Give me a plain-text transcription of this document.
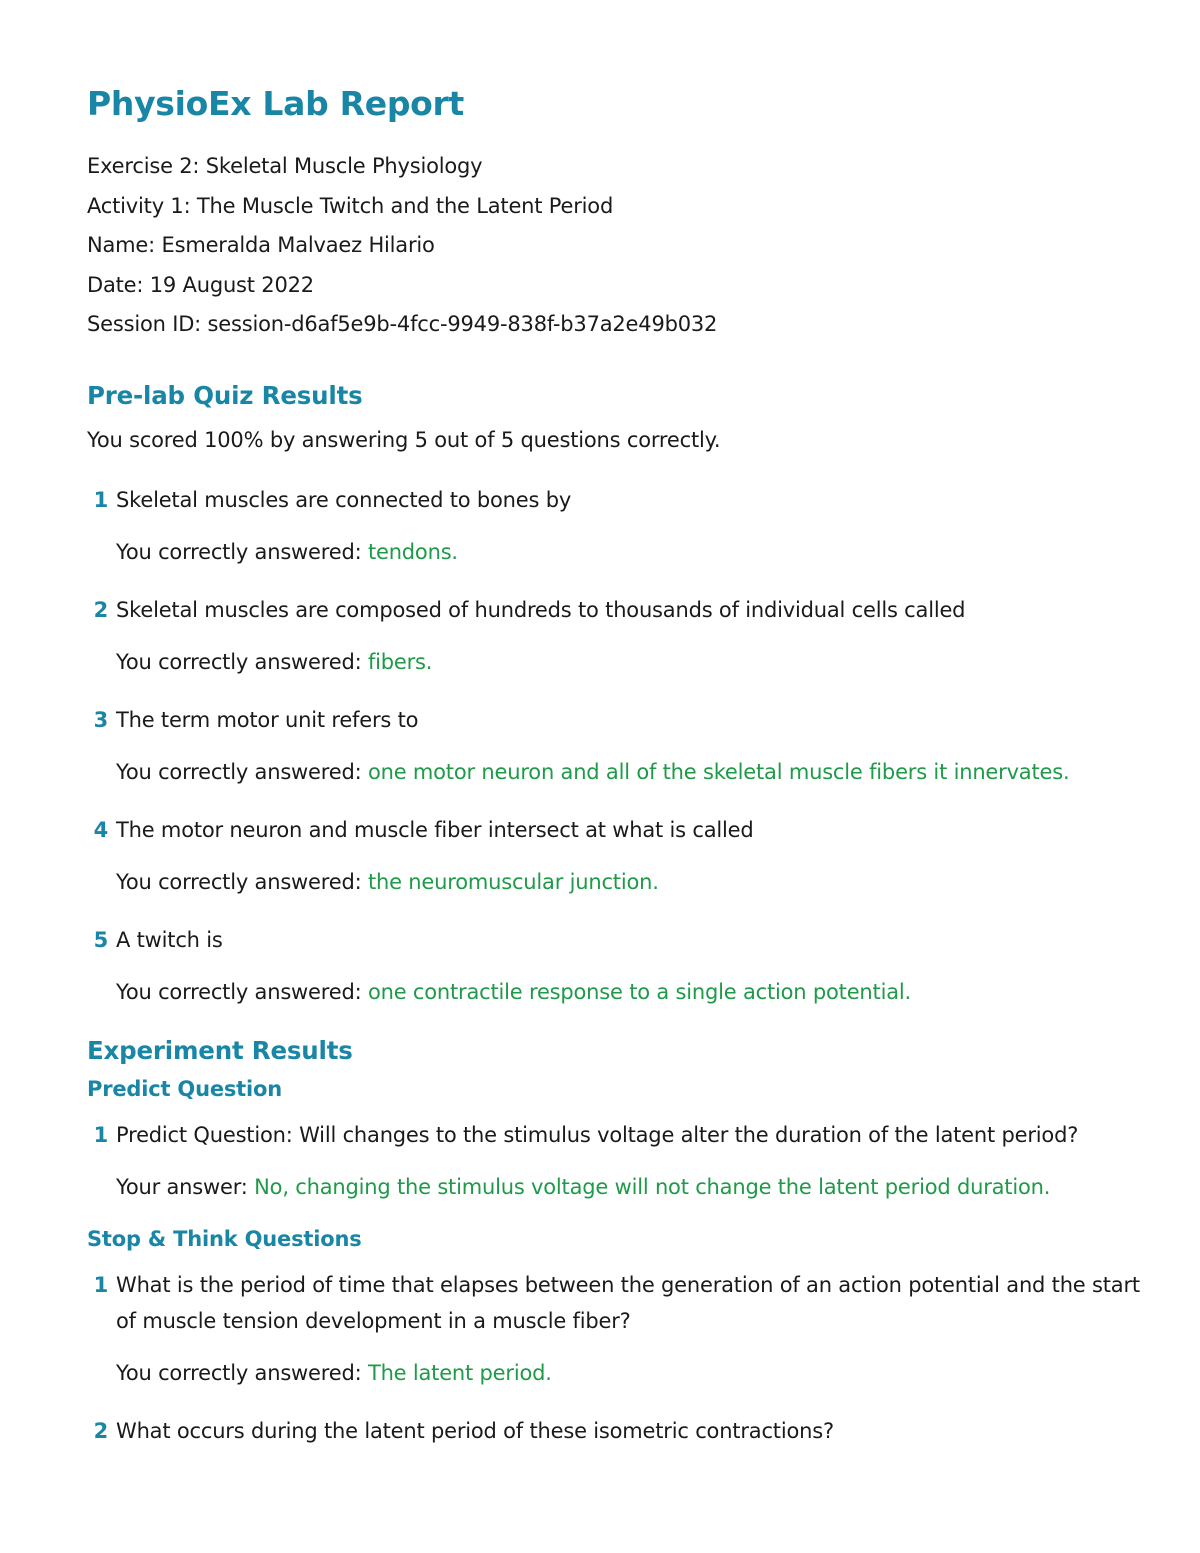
PhysioEx Lab Report

Exercise 2: Skeletal Muscle Physiology

Activity 1: The Muscle Twitch and the Latent Period

Name: Esmeralda Malvaez Hilario

Date: 19 August 2022

Session ID: session-d6af5e9b-4fcc-9949-838f-b37a2e49b032

Pre-lab Quiz Results

You scored 100% by answering 5 out of 5 questions correctly.

1 Skeletal muscles are connected to bones by
You correctly answered: tendons.
2 Skeletal muscles are composed of hundreds to thousands of individual cells called
You correctly answered: fibers.
3 The term motor unit refers to
You correctly answered: one motor neuron and all of the skeletal muscle fibers it innervates.
4 The motor neuron and muscle fiber intersect at what is called
You correctly answered: the neuromuscular junction.
5 A twitch is
You correctly answered: one contractile response to a single action potential.
Experiment Results
Predict Question
1 Predict Question: Will changes to the stimulus voltage alter the duration of the latent period?
Your answer: No, changing the stimulus voltage will not change the latent period duration.
Stop & Think Questions
1 What is the period of time that elapses between the generation of an action potential and the start of muscle tension development in a muscle fiber?
You correctly answered: The latent period.
2 What occurs during the latent period of these isometric contractions?
